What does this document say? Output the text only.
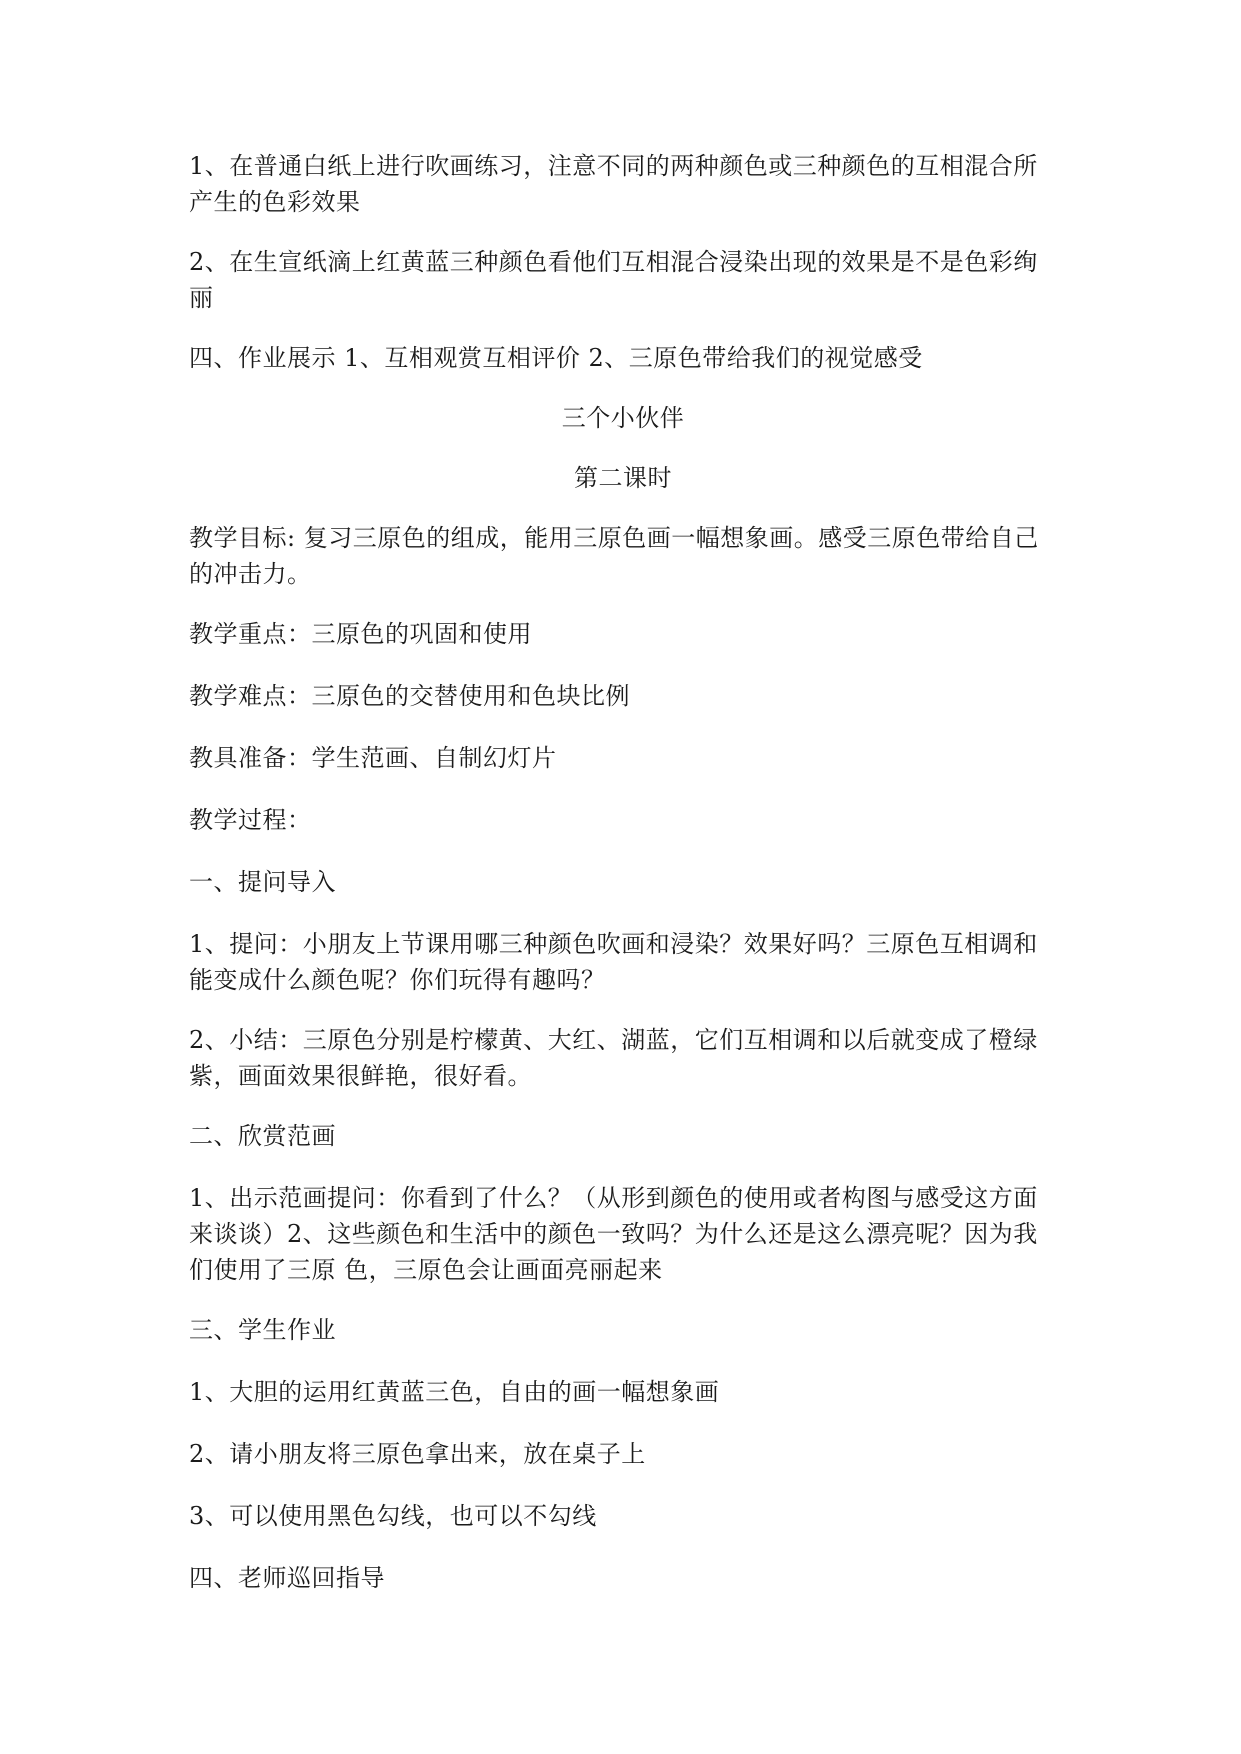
1、在普通白纸上进行吹画练习，注意不同的两种颜色或三种颜色的互相混合所产生的色彩效果

2、在生宣纸滴上红黄蓝三种颜色看他们互相混合浸染出现的效果是不是色彩绚丽

四、作业展示 1、互相观赏互相评价 2、三原色带给我们的视觉感受

三个小伙伴

第二课时

教学目标: 复习三原色的组成，能用三原色画一幅想象画。感受三原色带给自己的冲击力。

教学重点：三原色的巩固和使用

教学难点：三原色的交替使用和色块比例

教具准备：学生范画、自制幻灯片

教学过程：

一、提问导入

1、提问：小朋友上节课用哪三种颜色吹画和浸染？效果好吗？三原色互相调和能变成什么颜色呢？你们玩得有趣吗？

2、小结：三原色分别是柠檬黄、大红、湖蓝，它们互相调和以后就变成了橙绿紫，画面效果很鲜艳，很好看。

二、欣赏范画

1、出示范画提问：你看到了什么？（从形到颜色的使用或者构图与感受这方面来谈谈）2、这些颜色和生活中的颜色一致吗？为什么还是这么漂亮呢？因为我们使用了三原 色，三原色会让画面亮丽起来

三、学生作业

1、大胆的运用红黄蓝三色，自由的画一幅想象画

2、请小朋友将三原色拿出来，放在桌子上

3、可以使用黑色勾线，也可以不勾线

四、老师巡回指导
